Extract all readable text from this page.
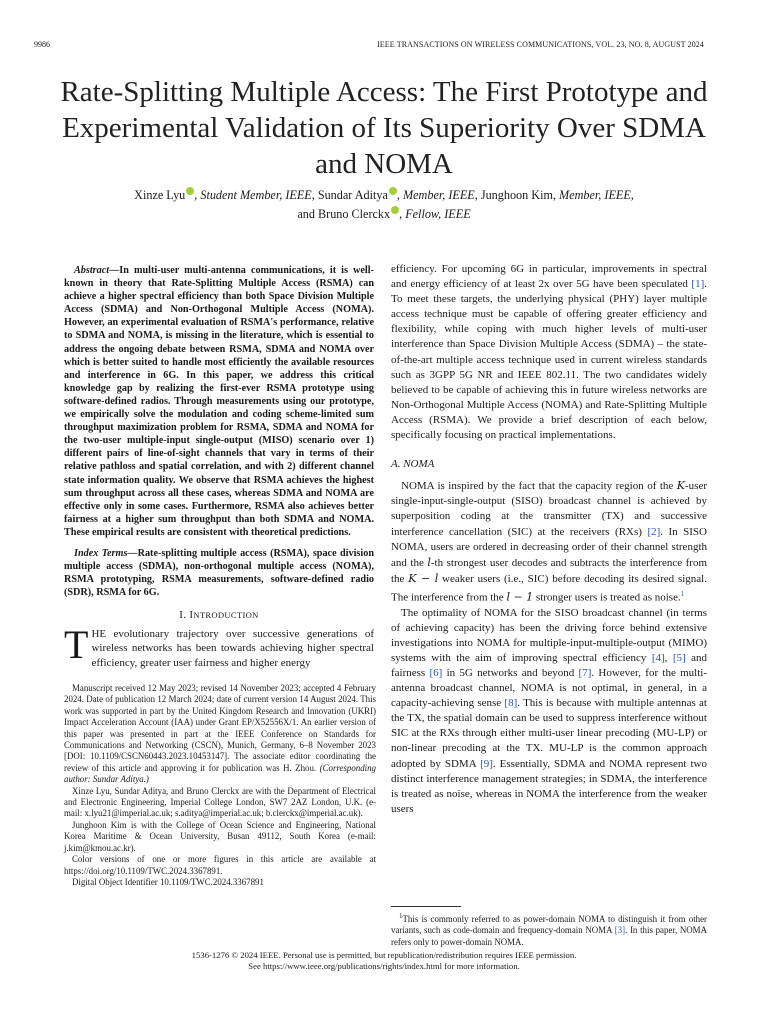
9986	IEEE TRANSACTIONS ON WIRELESS COMMUNICATIONS, VOL. 23, NO. 8, AUGUST 2024
Rate-Splitting Multiple Access: The First Prototype and Experimental Validation of Its Superiority Over SDMA and NOMA
Xinze Lyu , Student Member, IEEE, Sundar Aditya , Member, IEEE, Junghoon Kim, Member, IEEE,
and Bruno Clerckx , Fellow, IEEE

Abstract—In multi-user multi-antenna communications, it is well-known in theory that Rate-Splitting Multiple Access (RSMA) can achieve a higher spectral efficiency than both Space Division Multiple Access (SDMA) and Non-Orthogonal Multiple Access (NOMA). However, an experimental evaluation of RSMA's performance, relative to SDMA and NOMA, is missing in the literature, which is essential to address the ongoing debate between RSMA, SDMA and NOMA over which is better suited to handle most efficiently the available resources and interference in 6G. In this paper, we address this critical knowledge gap by realizing the first-ever RSMA prototype using software-defined radios. Through measurements using our prototype, we empirically solve the modulation and coding scheme-limited sum throughput maximization problem for RSMA, SDMA and NOMA for the two-user multiple-input single-output (MISO) scenario over 1) different pairs of line-of-sight channels that vary in terms of their relative pathloss and spatial correlation, and with 2) different channel state information quality. We observe that RSMA achieves the highest sum throughput across all these cases, whereas SDMA and NOMA are effective only in some cases. Furthermore, RSMA also achieves better fairness at a higher sum throughput than both SDMA and NOMA. These empirical results are consistent with theoretical predictions.

Index Terms—Rate-splitting multiple access (RSMA), space division multiple access (SDMA), non-orthogonal multiple access (NOMA), RSMA prototyping, RSMA measurements, software-defined radio (SDR), RSMA for 6G.

I. INTRODUCTION

THE evolutionary trajectory over successive generations of wireless networks has been towards achieving higher spectral efficiency, greater user fairness and higher energy

Manuscript received 12 May 2023; revised 14 November 2023; accepted 4 February 2024. Date of publication 12 March 2024; date of current version 14 August 2024. This work was supported in part by the United Kingdom Research and Innovation (UKRI) Impact Acceleration Account (IAA) under Grant EP/X52556X/1. An earlier version of this paper was presented in part at the IEEE Conference on Standards for Communications and Networking (CSCN), Munich, Germany, 6–8 November 2023 [DOI: 10.1109/CSCN60443.2023.10453147]. The associate editor coordinating the review of this article and approving it for publication was H. Zhou. (Corresponding author: Sundar Aditya.)

Xinze Lyu, Sundar Aditya, and Bruno Clerckx are with the Department of Electrical and Electronic Engineering, Imperial College London, SW7 2AZ London, U.K. (e-mail: x.lyu21@imperial.ac.uk; s.aditya@imperial.ac.uk; b.clerckx@imperial.ac.uk).

Junghoon Kim is with the College of Ocean Science and Engineering, National Korea Maritime & Ocean University, Busan 49112, South Korea (e-mail: j.kim@kmou.ac.kr).

Color versions of one or more figures in this article are available at https://doi.org/10.1109/TWC.2024.3367891.

Digital Object Identifier 10.1109/TWC.2024.3367891

efficiency. For upcoming 6G in particular, improvements in spectral and energy efficiency of at least 2x over 5G have been speculated [1]. To meet these targets, the underlying physical (PHY) layer multiple access technique must be capable of offering greater efficiency and flexibility, while coping with much higher levels of multi-user interference than Space Division Multiple Access (SDMA) – the state-of-the-art multiple access technique used in current wireless standards such as 3GPP 5G NR and IEEE 802.11. The two candidates widely believed to be capable of achieving this in future wireless networks are Non-Orthogonal Multiple Access (NOMA) and Rate-Splitting Multiple Access (RSMA). We provide a brief description of each below, specifically focusing on practical implementations.

A. NOMA

NOMA is inspired by the fact that the capacity region of the K-user single-input-single-output (SISO) broadcast channel is achieved by superposition coding at the transmitter (TX) and successive interference cancellation (SIC) at the receivers (RXs) [2]. In SISO NOMA, users are ordered in decreasing order of their channel strength and the l-th strongest user decodes and subtracts the interference from the K − l weaker users (i.e., SIC) before decoding its desired signal. The interference from the l − 1 stronger users is treated as noise.$^1$

The optimality of NOMA for the SISO broadcast channel (in terms of achieving capacity) has been the driving force behind extensive investigations into NOMA for multiple-input-multiple-output (MIMO) systems with the aim of improving spectral efficiency [4], [5] and fairness [6] in 5G networks and beyond [7]. However, for the multi-antenna broadcast channel, NOMA is not optimal, in general, in a capacity-achieving sense [8]. This is because with multiple antennas at the TX, the spatial domain can be used to suppress interference without SIC at the RXs through either multi-user linear precoding (MU-LP) or non-linear precoding at the TX. MU-LP is the common approach adopted by SDMA [9]. Essentially, SDMA and NOMA represent two distinct interference management strategies; in SDMA, the interference is treated as noise, whereas in NOMA the interference from the weaker users

$^1$This is commonly referred to as power-domain NOMA to distinguish it from other variants, such as code-domain and frequency-domain NOMA [3]. In this paper, NOMA refers only to power-domain NOMA.

1536-1276 © 2024 IEEE. Personal use is permitted, but republication/redistribution requires IEEE permission.
See https://www.ieee.org/publications/rights/index.html for more information.
